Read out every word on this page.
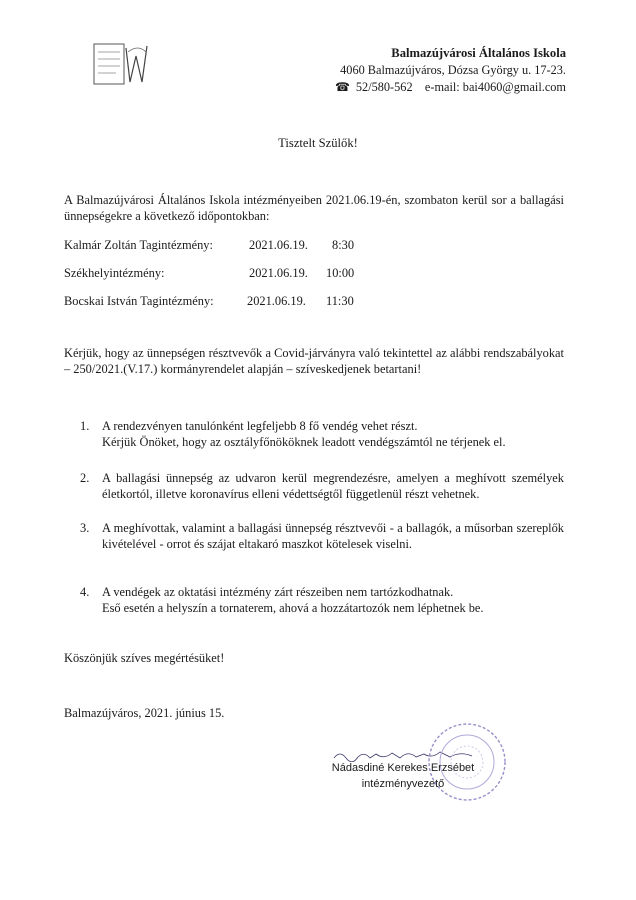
Balmazújvárosi Általános Iskola
4060 Balmazújváros, Dózsa György u. 17-23.
☎ 52/580-562 e-mail: bai4060@gmail.com
Tisztelt Szülők!
A Balmazújvárosi Általános Iskola intézményeiben 2021.06.19-én, szombaton kerül sor a ballagási ünnepségekre a következő időpontokban:
Kalmár Zoltán Tagintézmény:	2021.06.19. 8:30
Székhelyintézmény:	2021.06.19. 10:00
Bocskai István Tagintézmény:	2021.06.19. 11:30
Kérjük, hogy az ünnepségen résztvevők a Covid-járványra való tekintettel az alábbi rendszabályokat – 250/2021.(V.17.) kormányrendelet alapján – szíveskedjenek betartani!
1. A rendezvényen tanulónként legfeljebb 8 fő vendég vehet részt.
Kérjük Önöket, hogy az osztályfőnököknek leadott vendégszámtól ne térjenek el.
2. A ballagási ünnepség az udvaron kerül megrendezésre, amelyen a meghívott személyek életkortól, illetve koronavírus elleni védettségtől függetlenül részt vehetnek.
3. A meghívottak, valamint a ballagási ünnepség résztvevői - a ballagók, a műsorban szereplők kivételével - orrot és szájat eltakaró maszkot kötelesek viselni.
4. A vendégek az oktatási intézmény zárt részeiben nem tartózkodhatnak.
Eső esetén a helyszín a tornaterem, ahová a hozzátartozók nem léphetnek be.
Köszönjük szíves megértésüket!
Balmazújváros, 2021. június 15.
Nádasdiné Kerekes Erzsébet
intézményvezető
